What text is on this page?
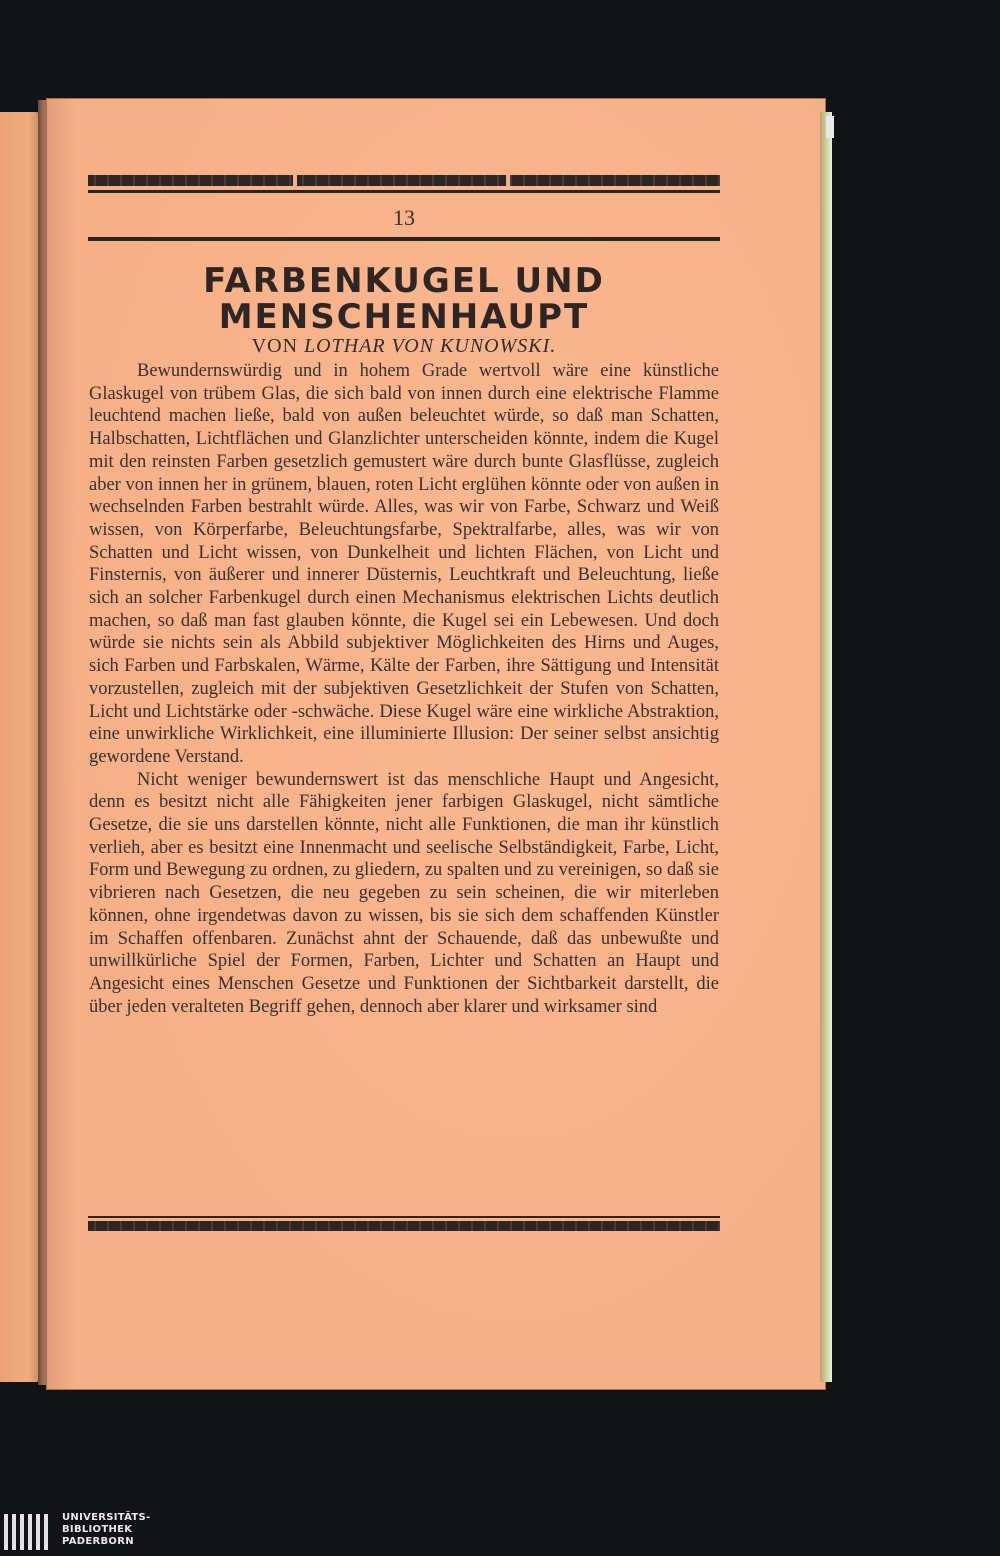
13
FARBENKUGEL UND
MENSCHENHAUPT
VON LOTHAR VON KUNOWSKI.

Bewundernswürdig und in hohem Grade wertvoll wäre eine künstliche Glaskugel von trübem Glas, die sich bald von innen durch eine elektrische Flamme leuchtend machen ließe, bald von außen beleuchtet würde, so daß man Schatten, Halbschatten, Lichtflächen und Glanzlichter unterscheiden könnte, indem die Kugel mit den reinsten Farben gesetzlich gemustert wäre durch bunte Glasflüsse, zugleich aber von innen her in grünem, blauen, roten Licht erglühen könnte oder von außen in wechselnden Farben bestrahlt würde. Alles, was wir von Farbe, Schwarz und Weiß wissen, von Körperfarbe, Beleuchtungsfarbe, Spektralfarbe, alles, was wir von Schatten und Licht wissen, von Dunkelheit und lichten Flächen, von Licht und Finsternis, von äußerer und innerer Düsternis, Leuchtkraft und Beleuchtung, ließe sich an solcher Farbenkugel durch einen Mechanismus elektrischen Lichts deutlich machen, so daß man fast glauben könnte, die Kugel sei ein Lebewesen. Und doch würde sie nichts sein als Abbild subjektiver Möglichkeiten des Hirns und Auges, sich Farben und Farbskalen, Wärme, Kälte der Farben, ihre Sättigung und Intensität vorzustellen, zugleich mit der subjektiven Gesetzlichkeit der Stufen von Schatten, Licht und Lichtstärke oder -schwäche. Diese Kugel wäre eine wirkliche Abstraktion, eine unwirkliche Wirklichkeit, eine illuminierte Illusion: Der seiner selbst ansichtig gewordene Verstand.

Nicht weniger bewundernswert ist das menschliche Haupt und Angesicht, denn es besitzt nicht alle Fähigkeiten jener farbigen Glaskugel, nicht sämtliche Gesetze, die sie uns darstellen könnte, nicht alle Funktionen, die man ihr künstlich verlieh, aber es besitzt eine Innenmacht und seelische Selbständigkeit, Farbe, Licht, Form und Bewegung zu ordnen, zu gliedern, zu spalten und zu vereinigen, so daß sie vibrieren nach Gesetzen, die neu gegeben zu sein scheinen, die wir miterleben können, ohne irgendetwas davon zu wissen, bis sie sich dem schaffenden Künstler im Schaffen offenbaren. Zunächst ahnt der Schauende, daß das unbewußte und unwillkürliche Spiel der Formen, Farben, Lichter und Schatten an Haupt und Angesicht eines Menschen Gesetze und Funktionen der Sichtbarkeit darstellt, die über jeden veralteten Begriff gehen, dennoch aber klarer und wirksamer sind

UNIVERSITÄTS-
BIBLIOTHEK
PADERBORN
